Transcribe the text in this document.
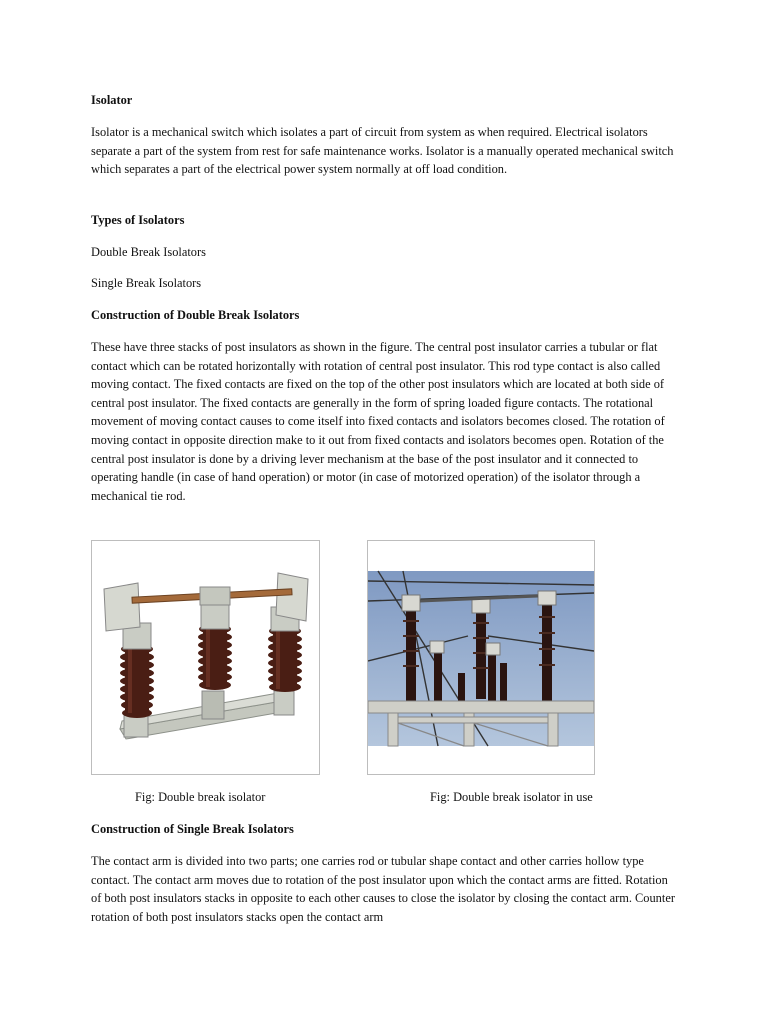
Isolator

Isolator is a mechanical switch which isolates a part of circuit from system as when required. Electrical isolators separate a part of the system from rest for safe maintenance works. Isolator is a manually operated mechanical switch which separates a part of the electrical power system normally at off load condition.

Types of Isolators

Double Break Isolators

Single Break Isolators

Construction of Double Break Isolators

These have three stacks of post insulators as shown in the figure. The central post insulator carries a tubular or flat contact which can be rotated horizontally with rotation of central post insulator. This rod type contact is also called moving contact. The fixed contacts are fixed on the top of the other post insulators which are located at both side of central post insulator. The fixed contacts are generally in the form of spring loaded figure contacts. The rotational movement of moving contact causes to come itself into fixed contacts and isolators becomes closed. The rotation of moving contact in opposite direction make to it out from fixed contacts and isolators becomes open. Rotation of the central post insulator is done by a driving lever mechanism at the base of the post insulator and it connected to operating handle (in case of hand operation) or motor (in case of motorized operation) of the isolator through a mechanical tie rod.

Fig: Double break isolator	Fig: Double break isolator in use

Construction of Single Break Isolators

The contact arm is divided into two parts; one carries rod or tubular shape contact and other carries hollow type contact. The contact arm moves due to rotation of the post insulator upon which the contact arms are fitted. Rotation of both post insulators stacks in opposite to each other causes to close the isolator by closing the contact arm. Counter rotation of both post insulators stacks open the contact arm
